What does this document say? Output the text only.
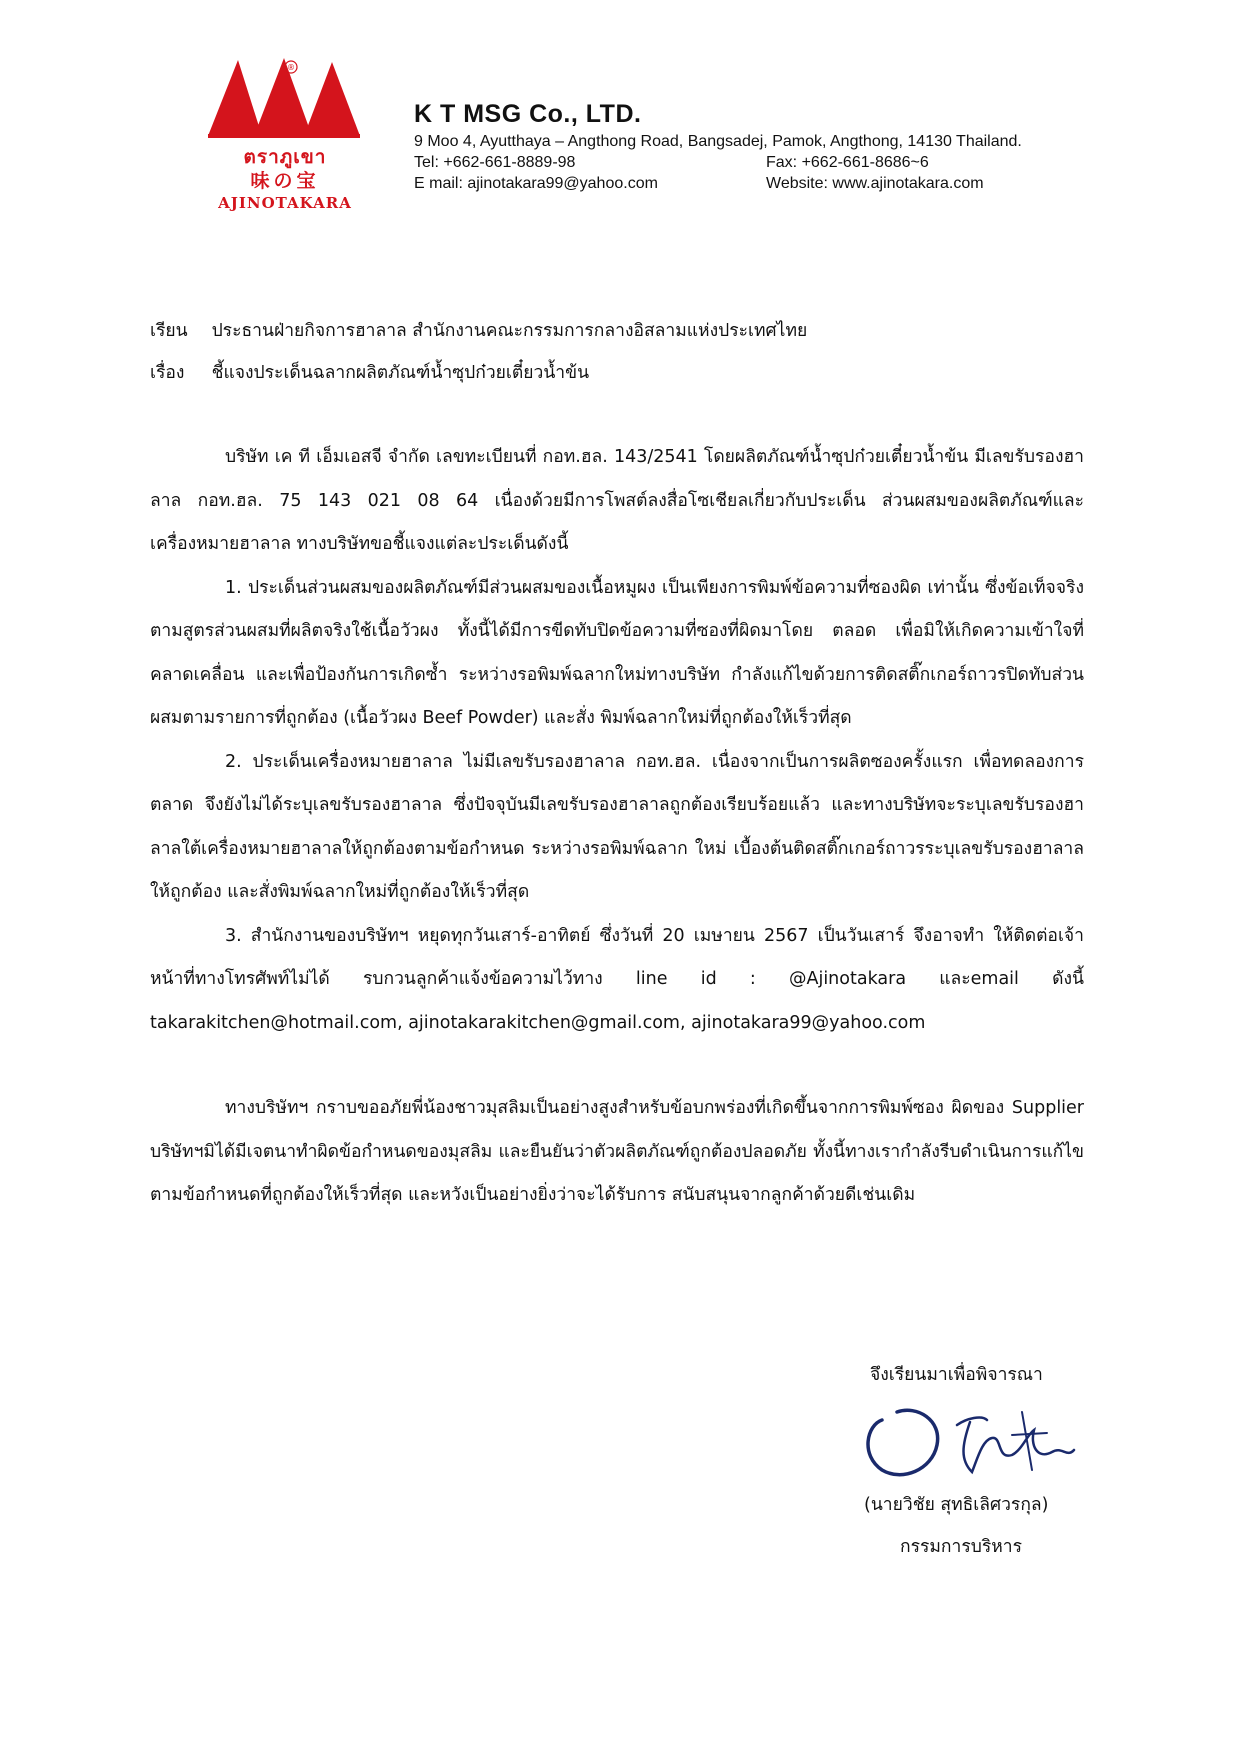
®
ตราภูเขา
味の宝
AJINOTAKARA
K T MSG Co., LTD.
9 Moo 4, Ayutthaya – Angthong Road, Bangsadej, Pamok, Angthong, 14130 Thailand.
Tel: +662-661-8889-98	Fax: +662-661-8686~6
E mail: ajinotakara99@yahoo.com	Website: www.ajinotakara.com
เรียน ประธานฝ่ายกิจการฮาลาล สำนักงานคณะกรรมการกลางอิสลามแห่งประเทศไทย
เรื่อง ชี้แจงประเด็นฉลากผลิตภัณฑ์น้ำซุปก๋วยเตี๋ยวน้ำข้น

บริษัท เค ที เอ็มเอสจี จำกัด เลขทะเบียนที่ กอท.ฮล. 143/2541 โดยผลิตภัณฑ์น้ำซุปก๋วยเตี๋ยวน้ำข้น มีเลขรับรองฮาลาล กอท.ฮล. 75 143 021 08 64 เนื่องด้วยมีการโพสต์ลงสื่อโซเชียลเกี่ยวกับประเด็น ส่วนผสมของผลิตภัณฑ์และเครื่องหมายฮาลาล ทางบริษัทขอชี้แจงแต่ละประเด็นดังนี้

1. ประเด็นส่วนผสมของผลิตภัณฑ์มีส่วนผสมของเนื้อหมูผง เป็นเพียงการพิมพ์ข้อความที่ซองผิด เท่านั้น ซึ่งข้อเท็จจริงตามสูตรส่วนผสมที่ผลิตจริงใช้เนื้อวัวผง ทั้งนี้ได้มีการขีดทับปิดข้อความที่ซองที่ผิดมาโดย ตลอด เพื่อมิให้เกิดความเข้าใจที่คลาดเคลื่อน และเพื่อป้องกันการเกิดซ้ำ ระหว่างรอพิมพ์ฉลากใหม่ทางบริษัท กำลังแก้ไขด้วยการติดสติ๊กเกอร์ถาวรปิดทับส่วนผสมตามรายการที่ถูกต้อง (เนื้อวัวผง Beef Powder) และสั่ง พิมพ์ฉลากใหม่ที่ถูกต้องให้เร็วที่สุด

2. ประเด็นเครื่องหมายฮาลาล ไม่มีเลขรับรองฮาลาล กอท.ฮล. เนื่องจากเป็นการผลิตซองครั้งแรก เพื่อทดลองการตลาด จึงยังไม่ได้ระบุเลขรับรองฮาลาล ซึ่งปัจจุบันมีเลขรับรองฮาลาลถูกต้องเรียบร้อยแล้ว และทางบริษัทจะระบุเลขรับรองฮาลาลใต้เครื่องหมายฮาลาลให้ถูกต้องตามข้อกำหนด ระหว่างรอพิมพ์ฉลาก ใหม่ เบื้องต้นติดสติ๊กเกอร์ถาวรระบุเลขรับรองฮาลาลให้ถูกต้อง และสั่งพิมพ์ฉลากใหม่ที่ถูกต้องให้เร็วที่สุด

3. สำนักงานของบริษัทฯ หยุดทุกวันเสาร์-อาทิตย์ ซึ่งวันที่ 20 เมษายน 2567 เป็นวันเสาร์ จึงอาจทำ ให้ติดต่อเจ้าหน้าที่ทางโทรศัพท์ไม่ได้ รบกวนลูกค้าแจ้งข้อความไว้ทาง line id : @Ajinotakara และemail ดังนี้ takarakitchen@hotmail.com, ajinotakarakitchen@gmail.com, ajinotakara99@yahoo.com

ทางบริษัทฯ กราบขออภัยพี่น้องชาวมุสลิมเป็นอย่างสูงสำหรับข้อบกพร่องที่เกิดขึ้นจากการพิมพ์ซอง ผิดของ Supplier บริษัทฯมิได้มีเจตนาทำผิดข้อกำหนดของมุสลิม และยืนยันว่าตัวผลิตภัณฑ์ถูกต้องปลอดภัย ทั้งนี้ทางเรากำลังรีบดำเนินการแก้ไขตามข้อกำหนดที่ถูกต้องให้เร็วที่สุด และหวังเป็นอย่างยิ่งว่าจะได้รับการ สนับสนุนจากลูกค้าด้วยดีเช่นเดิม

จึงเรียนมาเพื่อพิจารณา
(นายวิชัย สุทธิเลิศวรกุล)
กรรมการบริหาร
